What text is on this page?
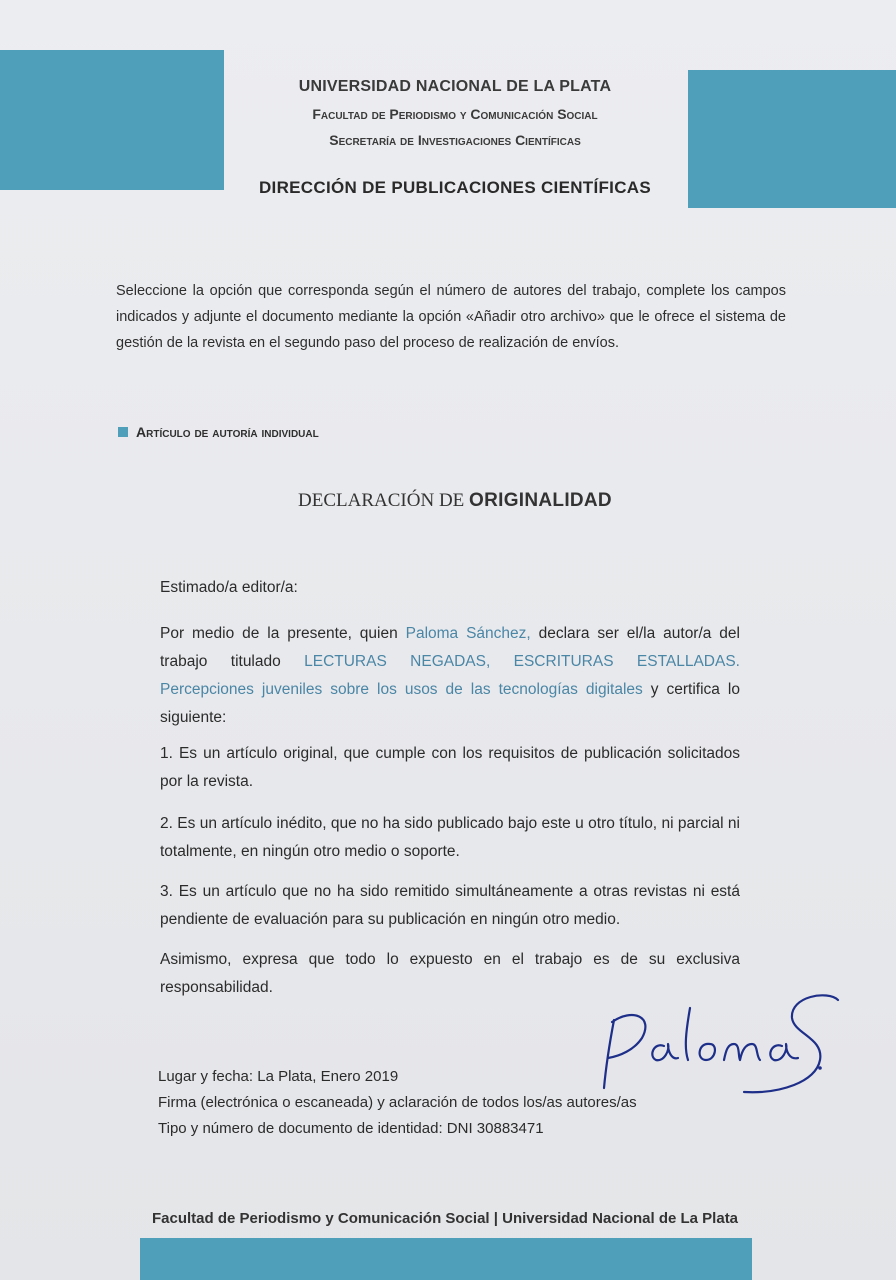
UNIVERSIDAD NACIONAL DE LA PLATA
Facultad de Periodismo y Comunicación Social
Secretaría de Investigaciones Científicas
DIRECCIÓN DE PUBLICACIONES CIENTÍFICAS
Seleccione la opción que corresponda según el número de autores del trabajo, complete los campos indicados y adjunte el documento mediante la opción «Añadir otro archivo» que le ofrece el sistema de gestión de la revista en el segundo paso del proceso de realización de envíos.
Artículo de autoría individual
DECLARACIÓN DE ORIGINALIDAD
Estimado/a editor/a:
Por medio de la presente, quien Paloma Sánchez, declara ser el/la autor/a del trabajo titulado LECTURAS NEGADAS, ESCRITURAS ESTALLADAS. Percepciones juveniles sobre los usos de las tecnologías digitales y certifica lo siguiente:
1. Es un artículo original, que cumple con los requisitos de publicación solicitados por la revista.
2. Es un artículo inédito, que no ha sido publicado bajo este u otro título, ni parcial ni totalmente, en ningún otro medio o soporte.
3. Es un artículo que no ha sido remitido simultáneamente a otras revistas ni está pendiente de evaluación para su publicación en ningún otro medio.
Asimismo, expresa que todo lo expuesto en el trabajo es de su exclusiva responsabilidad.
Lugar y fecha: La Plata, Enero 2019
Firma (electrónica o escaneada) y aclaración de todos los/as autores/as
Tipo y número de documento de identidad: DNI 30883471
Facultad de Periodismo y Comunicación Social | Universidad Nacional de La Plata
